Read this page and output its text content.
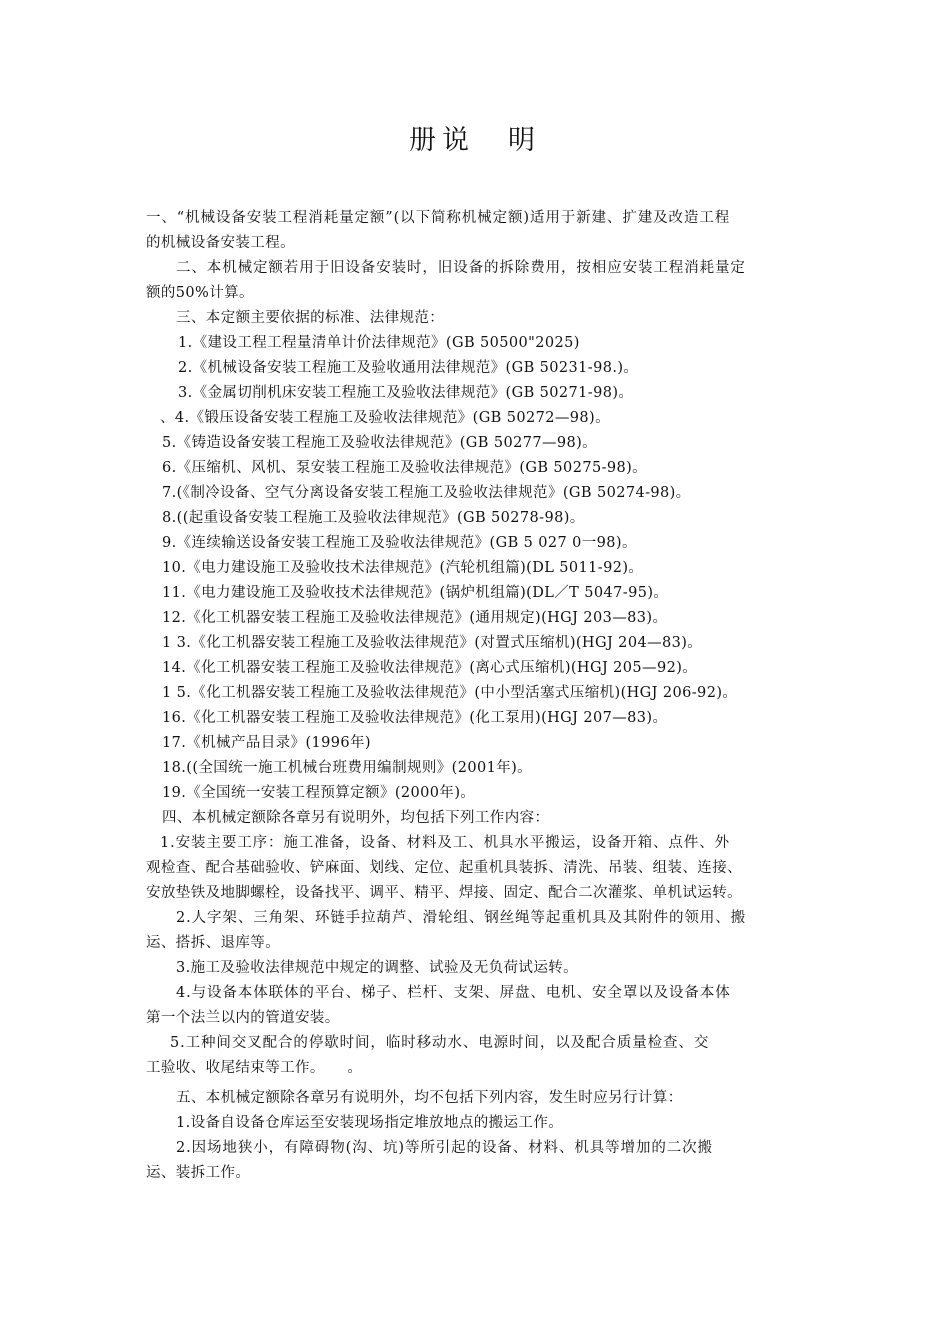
册说　明
一、“机械设备安装工程消耗量定额”(以下简称机械定额)适用于新建、扩建及改造工程
的机械设备安装工程。
二、本机械定额若用于旧设备安装时，旧设备的拆除费用，按相应安装工程消耗量定
额的50%计算。
三、本定额主要依据的标准、法律规范：
1.《建设工程工程量清单计价法律规范》(GB 50500"2025)
2.《机械设备安装工程施工及验收通用法律规范》(GB 50231-98.)。
3.《金属切削机床安装工程施工及验收法律规范》(GB 50271-98)。
、4.《锻压设备安装工程施工及验收法律规范》(GB 50272—98)。
5.《铸造设备安装工程施工及验收法律规范》(GB 50277—98)。
6.《压缩机、风机、泵安装工程施工及验收法律规范》(GB 50275-98)。
7.(《制冷设备、空气分离设备安装工程施工及验收法律规范》(GB 50274-98)。
8.((起重设备安装工程施工及验收法律规范》(GB 50278-98)。
9.《连续输送设备安装工程施工及验收法律规范》(GB 5 027 0一98)。
10.《电力建设施工及验收技术法律规范》(汽轮机组篇)(DL 5011-92)。
11.《电力建设施工及验收技术法律规范》(锅炉机组篇)(DL／T 5047-95)。
12.《化工机器安装工程施工及验收法律规范》(通用规定)(HGJ 203—83)。
1 3.《化工机器安装工程施工及验收法律规范》(对置式压缩机)(HGJ 204—83)。
14.《化工机器安装工程施工及验收法律规范》(离心式压缩机)(HGJ 205—92)。
1 5.《化工机器安装工程施工及验收法律规范》(中小型活塞式压缩机)(HGJ 206-92)。
16.《化工机器安装工程施工及验收法律规范》(化工泵用)(HGJ 207—83)。
17.《机械产品目录》(1996年)
18.((全国统一施工机械台班费用编制规则》(2001年)。
19.《全国统一安装工程预算定额》(2000年)。
四、本机械定额除各章另有说明外，均包括下列工作内容：
1.安装主要工序：施工准备，设备、材料及工、机具水平搬运，设备开箱、点件、外
观检查、配合基础验收、铲麻面、划线、定位、起重机具装拆、清洗、吊装、组装、连接、
安放垫铁及地脚螺栓，设备找平、调平、精平、焊接、固定、配合二次灌浆、单机试运转。
2.人字架、三角架、环链手拉葫芦、滑轮组、钢丝绳等起重机具及其附件的领用、搬
运、搭拆、退库等。
3.施工及验收法律规范中规定的调整、试验及无负荷试运转。
4.与设备本体联体的平台、梯子、栏杆、支架、屏盘、电机、安全罩以及设备本体
第一个法兰以内的管道安装。
5.工种间交叉配合的停歇时间，临时移动水、电源时间，以及配合质量检查、交
工验收、收尾结束等工作。　　。
五、本机械定额除各章另有说明外，均不包括下列内容，发生时应另行计算：
1.设备自设备仓库运至安装现场指定堆放地点的搬运工作。
2.因场地狭小，有障碍物(沟、坑)等所引起的设备、材料、机具等增加的二次搬
运、装拆工作。
